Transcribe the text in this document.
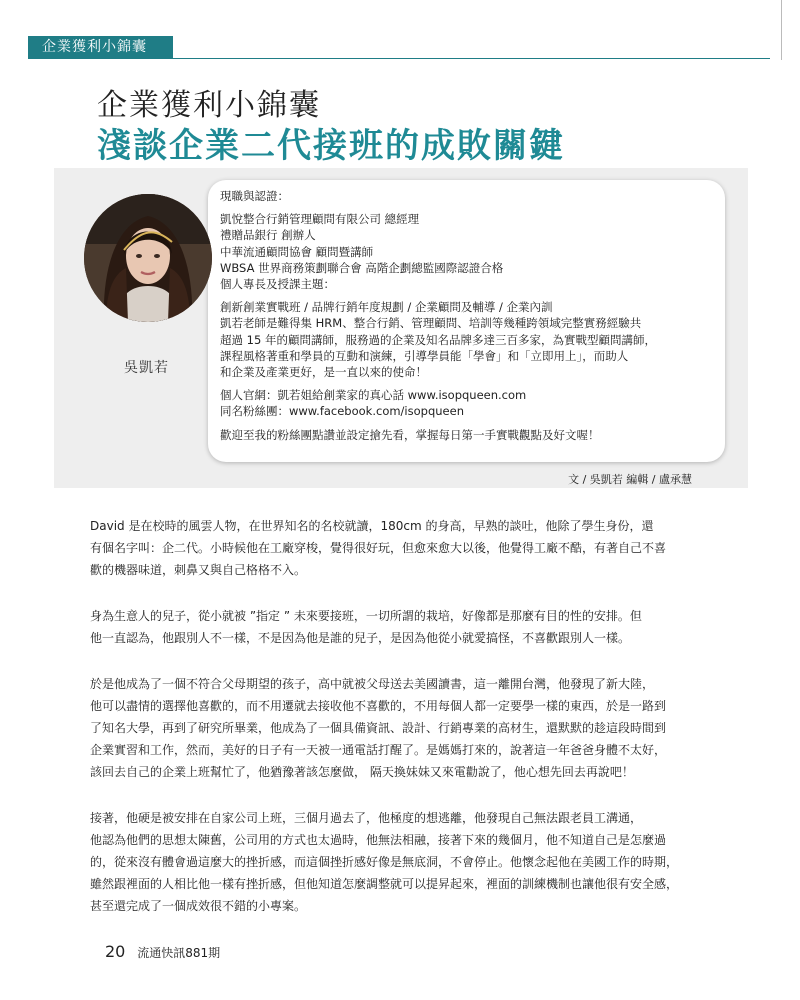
企業獲利小錦囊
企業獲利小錦囊
淺談企業二代接班的成敗關鍵
吳凱若
現職與認證：
凱悅整合行銷管理顧問有限公司 總經理
禮贈品銀行 創辦人
中華流通顧問協會 顧問暨講師
WBSA 世界商務策劃聯合會 高階企劃總監國際認證合格
個人專長及授課主題：
創新創業實戰班 / 品牌行銷年度規劃 / 企業顧問及輔導 / 企業內訓
凱若老師是難得集 HRM、整合行銷、管理顧問、培訓等幾種跨領域完整實務經驗共
超過 15 年的顧問講師，服務過的企業及知名品牌多達三百多家，為實戰型顧問講師，
課程風格著重和學員的互動和演練，引導學員能「學會」和「立即用上」，而助人
和企業及產業更好，是一直以來的使命！
個人官網：凱若姐給創業家的真心話 www.isopqueen.com
同名粉絲團：www.facebook.com/isopqueen
歡迎至我的粉絲團點讚並設定搶先看，掌握每日第一手實戰觀點及好文喔！
文 / 吳凱若 編輯 / 盧承慧

David 是在校時的風雲人物，在世界知名的名校就讀，180cm 的身高，早熟的談吐，他除了學生身份，還
有個名字叫：企二代。小時候他在工廠穿梭，覺得很好玩，但愈來愈大以後，他覺得工廠不酷，有著自己不喜
歡的機器味道，刺鼻又與自己格格不入。

身為生意人的兒子，從小就被 ”指定 ” 未來要接班，一切所謂的栽培，好像都是那麼有目的性的安排。但
他一直認為，他跟別人不一樣，不是因為他是誰的兒子，是因為他從小就愛搞怪，不喜歡跟別人一樣。

於是他成為了一個不符合父母期望的孩子，高中就被父母送去美國讀書，這一離開台灣，他發現了新大陸，
他可以盡情的選擇他喜歡的，而不用遷就去接收他不喜歡的，不用每個人都一定要學一樣的東西，於是一路到
了知名大學，再到了研究所畢業，他成為了一個具備資訊、設計、行銷專業的高材生，還默默的趁這段時間到
企業實習和工作，然而，美好的日子有一天被一通電話打醒了。是媽媽打來的，說著這一年爸爸身體不太好，
該回去自己的企業上班幫忙了，他猶豫著該怎麼做， 隔天換妹妹又來電勸說了，他心想先回去再說吧！

接著，他硬是被安排在自家公司上班，三個月過去了，他極度的想逃離，他發現自己無法跟老員工溝通，
他認為他們的思想太陳舊，公司用的方式也太過時，他無法相融，接著下來的幾個月，他不知道自己是怎麼過
的，從來沒有體會過這麼大的挫折感，而這個挫折感好像是無底洞，不會停止。他懷念起他在美國工作的時期，
雖然跟裡面的人相比他一樣有挫折感，但他知道怎麼調整就可以提昇起來，裡面的訓練機制也讓他很有安全感，
甚至還完成了一個成效很不錯的小專案。

20 流通快訊881期
